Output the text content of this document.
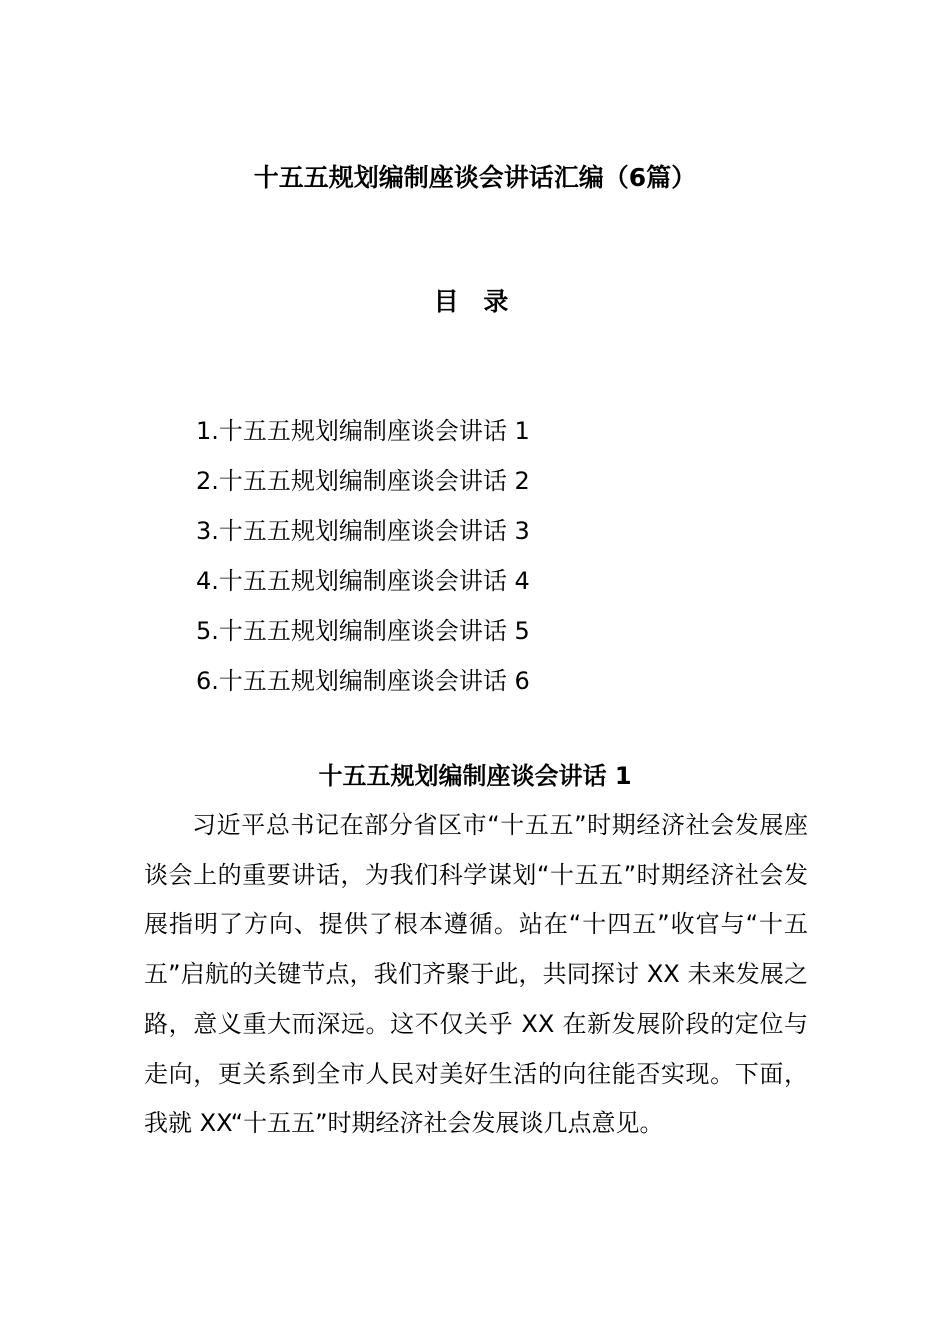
十五五规划编制座谈会讲话汇编（6篇）
目 录
1.十五五规划编制座谈会讲话 1
2.十五五规划编制座谈会讲话 2
3.十五五规划编制座谈会讲话 3
4.十五五规划编制座谈会讲话 4
5.十五五规划编制座谈会讲话 5
6.十五五规划编制座谈会讲话 6
十五五规划编制座谈会讲话 1

习近平总书记在部分省区市“十五五”时期经济社会发展座谈会上的重要讲话，为我们科学谋划“十五五”时期经济社会发展指明了方向、提供了根本遵循。站在“十四五”收官与“十五五”启航的关键节点，我们齐聚于此，共同探讨 XX 未来发展之路，意义重大而深远。这不仅关乎 XX 在新发展阶段的定位与走向，更关系到全市人民对美好生活的向往能否实现。下面，我就 XX“十五五”时期经济社会发展谈几点意见。
